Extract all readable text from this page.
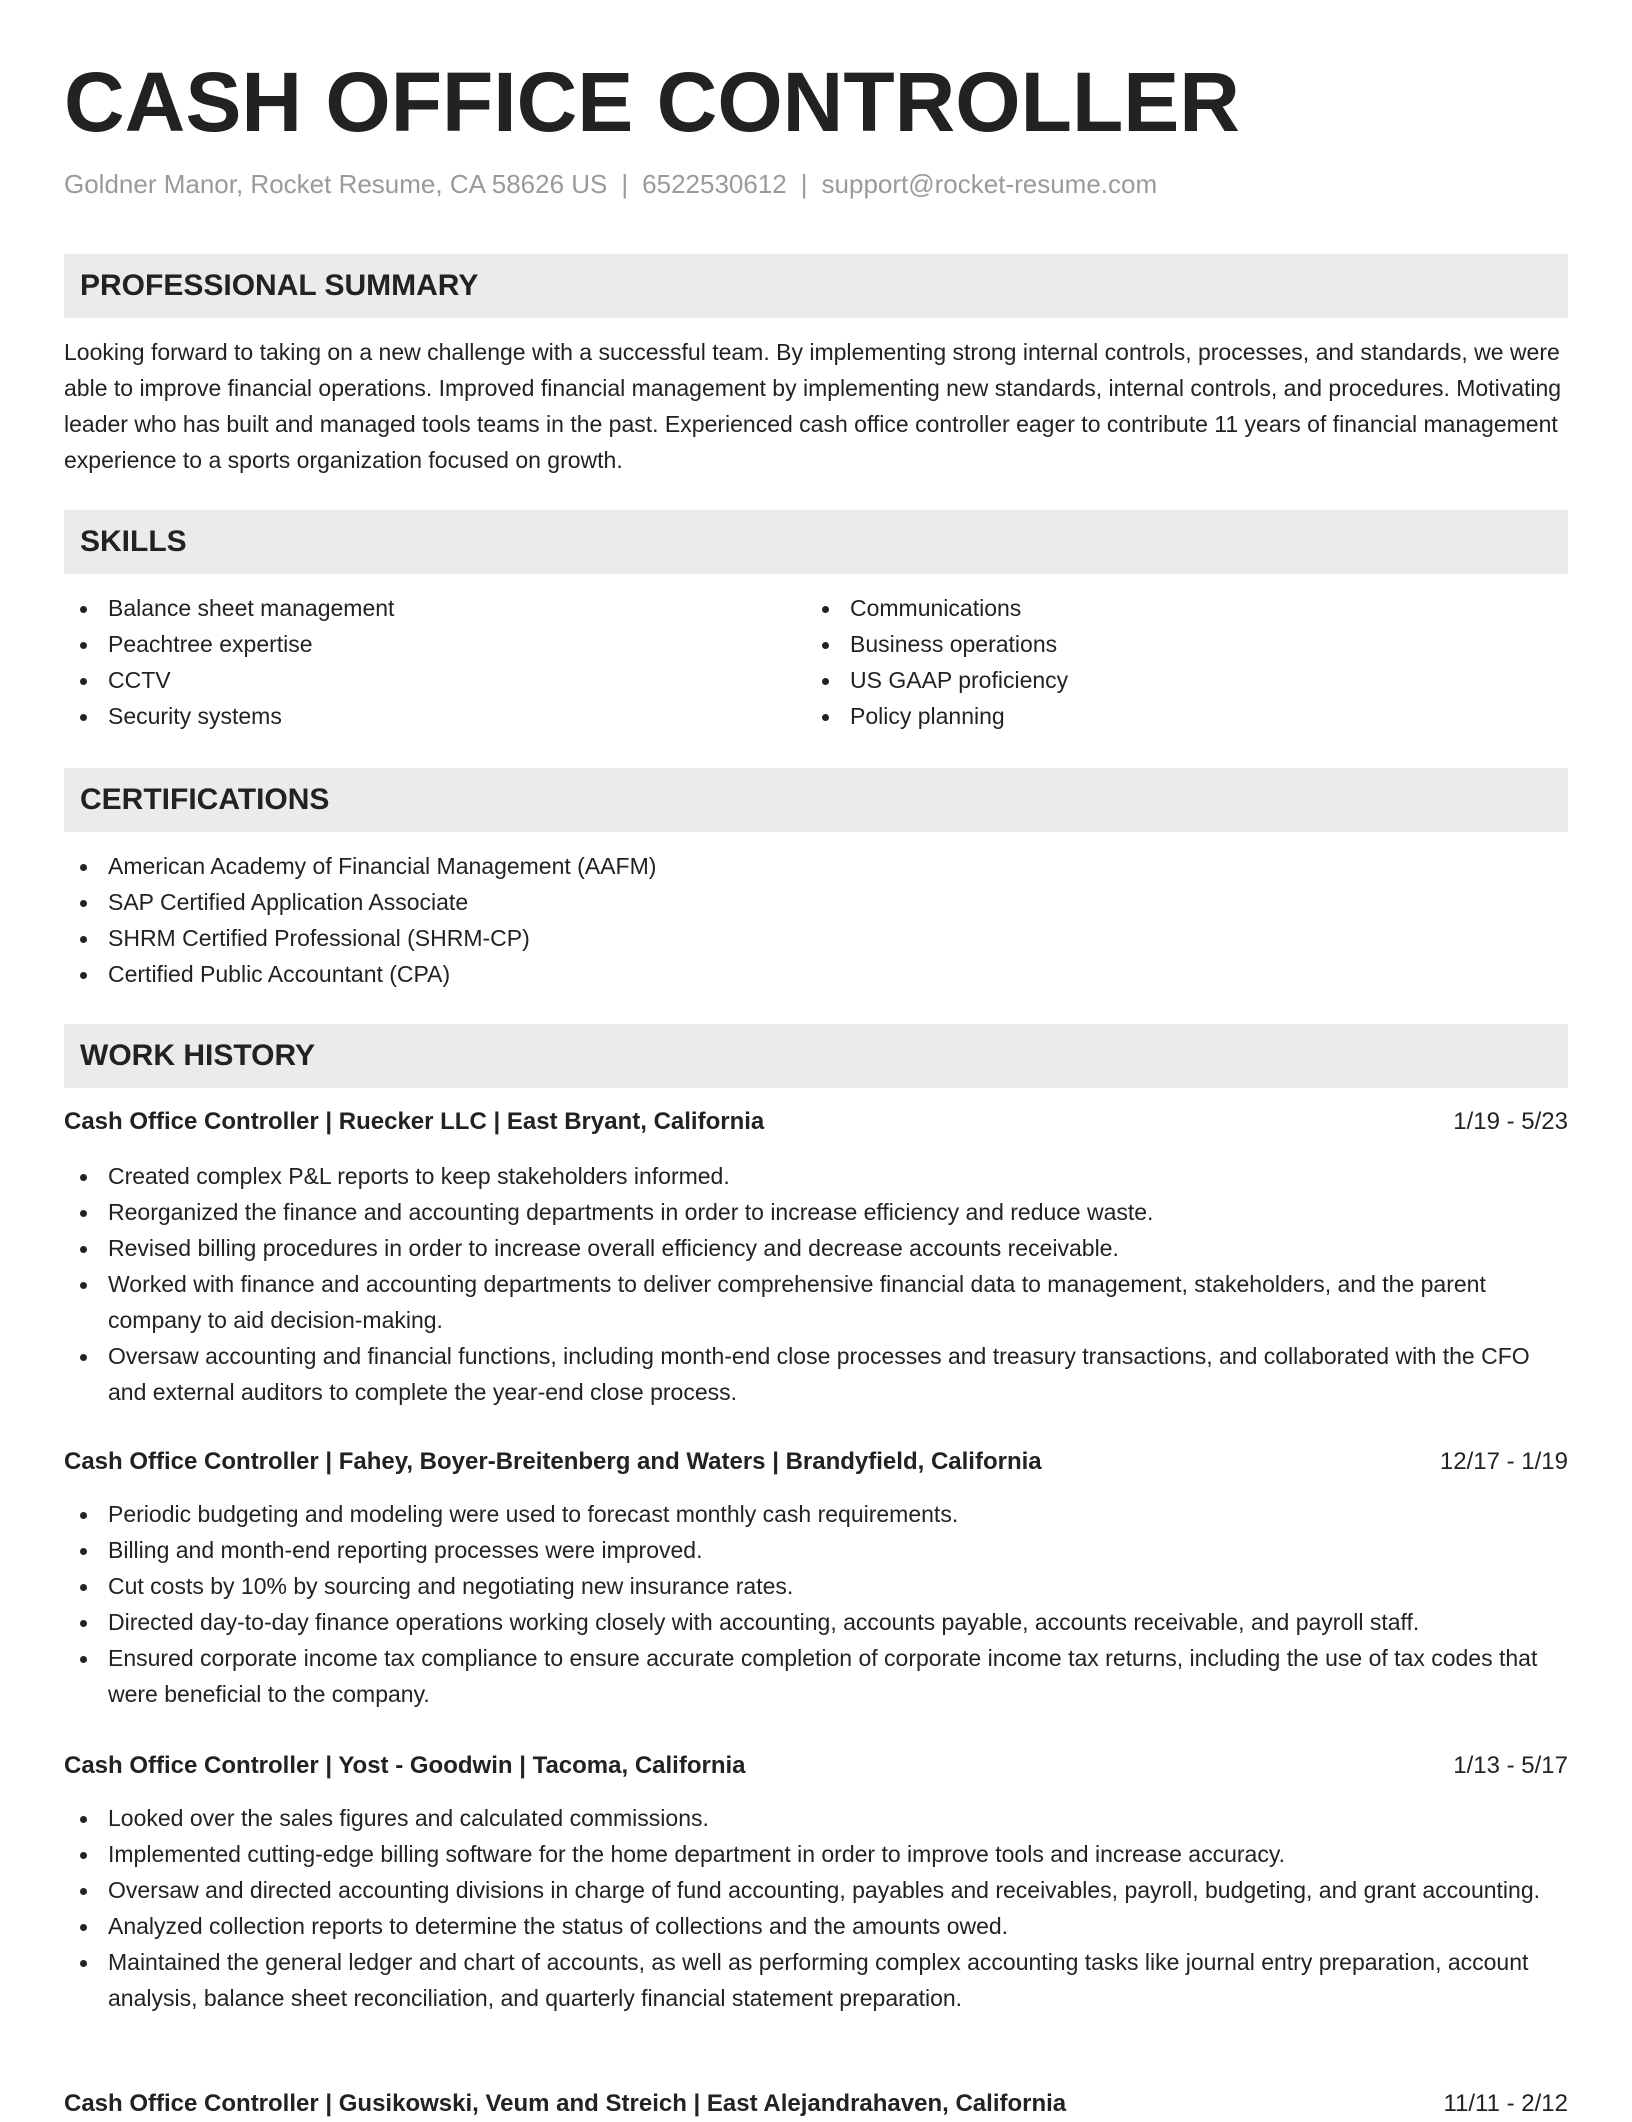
CASH OFFICE CONTROLLER
Goldner Manor, Rocket Resume, CA 58626 US | 6522530612 | support@rocket-resume.com
PROFESSIONAL SUMMARY

Looking forward to taking on a new challenge with a successful team. By implementing strong internal controls, processes, and standards, we were able to improve financial operations. Improved financial management by implementing new standards, internal controls, and procedures. Motivating leader who has built and managed tools teams in the past. Experienced cash office controller eager to contribute 11 years of financial management experience to a sports organization focused on growth.

SKILLS
Balance sheet management
Peachtree expertise
CCTV
Security systems
Communications
Business operations
US GAAP proficiency
Policy planning
CERTIFICATIONS
American Academy of Financial Management (AAFM)
SAP Certified Application Associate
SHRM Certified Professional (SHRM-CP)
Certified Public Accountant (CPA)
WORK HISTORY
Cash Office Controller | Ruecker LLC | East Bryant, California	1/19 - 5/23
Created complex P&L reports to keep stakeholders informed.
Reorganized the finance and accounting departments in order to increase efficiency and reduce waste.
Revised billing procedures in order to increase overall efficiency and decrease accounts receivable.
Worked with finance and accounting departments to deliver comprehensive financial data to management, stakeholders, and the parent company to aid decision-making.
Oversaw accounting and financial functions, including month-end close processes and treasury transactions, and collaborated with the CFO and external auditors to complete the year-end close process.
Cash Office Controller | Fahey, Boyer-Breitenberg and Waters | Brandyfield, California	12/17 - 1/19
Periodic budgeting and modeling were used to forecast monthly cash requirements.
Billing and month-end reporting processes were improved.
Cut costs by 10% by sourcing and negotiating new insurance rates.
Directed day-to-day finance operations working closely with accounting, accounts payable, accounts receivable, and payroll staff.
Ensured corporate income tax compliance to ensure accurate completion of corporate income tax returns, including the use of tax codes that were beneficial to the company.
Cash Office Controller | Yost - Goodwin | Tacoma, California	1/13 - 5/17
Looked over the sales figures and calculated commissions.
Implemented cutting-edge billing software for the home department in order to improve tools and increase accuracy.
Oversaw and directed accounting divisions in charge of fund accounting, payables and receivables, payroll, budgeting, and grant accounting.
Analyzed collection reports to determine the status of collections and the amounts owed.
Maintained the general ledger and chart of accounts, as well as performing complex accounting tasks like journal entry preparation, account analysis, balance sheet reconciliation, and quarterly financial statement preparation.
Cash Office Controller | Gusikowski, Veum and Streich | East Alejandrahaven, California	11/11 - 2/12
